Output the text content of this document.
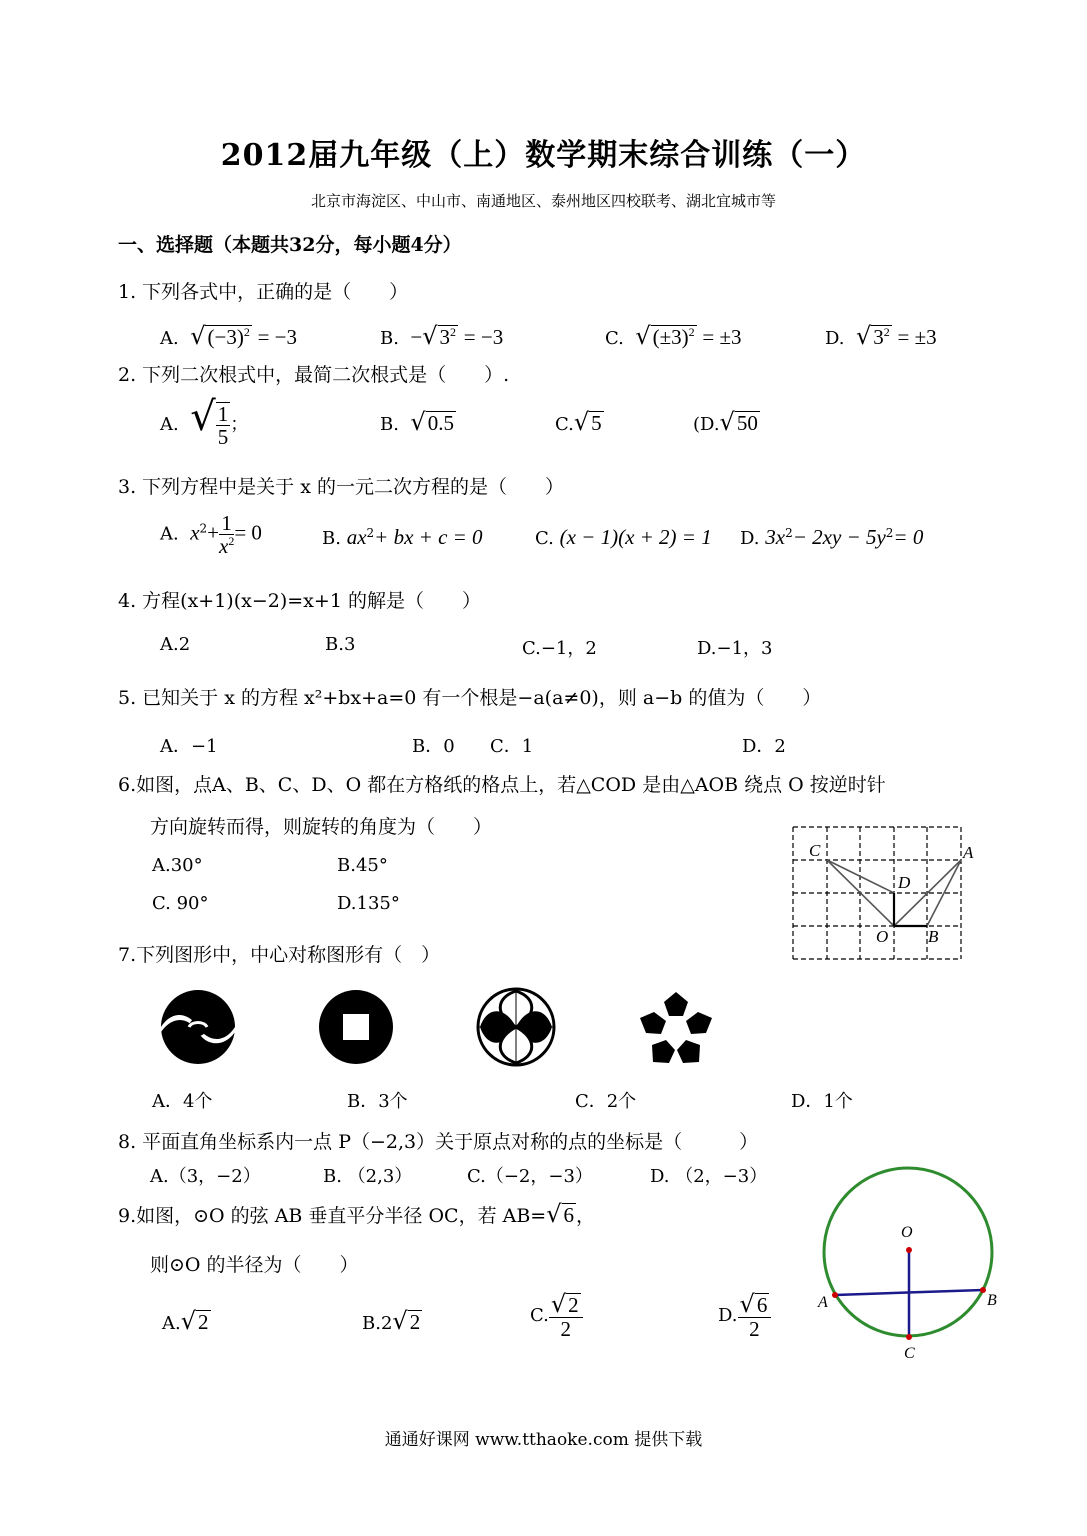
2012届九年级（上）数学期末综合训练（一）
北京市海淀区、中山市、南通地区、泰州地区四校联考、湖北宜城市等
一、选择题（本题共32分，每小题4分）
1. 下列各式中，正确的是（　　）
A. $√(-3)^2 = -3$	B. $-√3^2 = -3$	C. $√(\pm 3)^2 = \pm 3$	D. $√3^2 = \pm 3$
2. 下列二次根式中，最简二次根式是（　　）.
A. √ $\frac{1}{5}$ ；	B. √0.5	C.√5	(D.√50
3. 下列方程中是关于 x 的一元二次方程的是（　　）
A. $x^2+ \frac{1}{x^2} = 0$	B. $ax^2+$ bx + c = 0	C. (x − 1)(x + 2) = 1 D. $3x^2- 2xy - 5y^2= 0$
4. 方程(x+1)(x−2)=x+1 的解是（　　）
A.2	B.3	C.−1，2	D.−1，3
5. 已知关于 x 的方程 x²+bx+a=0 有一个根是−a(a≠0)，则 a−b 的值为（　　）
A．−1	B．0 C．1	D．2
6.如图，点A、B、C、D、O 都在方格纸的格点上，若△COD 是由△AOB 绕点 O 按逆时针
方向旋转而得，则旋转的角度为（　　）
A.30°	B.45°
C. 90°	D.135°
C	A
D
O B
7.下列图形中，中心对称图形有（　）
A．4个	B．3个	C．2个	D．1个
8. 平面直角坐标系内一点 P（−2,3）关于原点对称的点的坐标是（　　　）
A.（3，−2）	B. （2,3）	C.（−2，−3）	D. （2，−3）
9.如图，⊙O 的弦 AB 垂直平分半径 OC，若 AB=√6 ，
则⊙O 的半径为（　　）
A.√2	B.2√2	C. $\frac{√2}{2}$	D. $\frac{√6}{2}$
O
A	B
C
通通好课网 www.tthaoke.com 提供下载
